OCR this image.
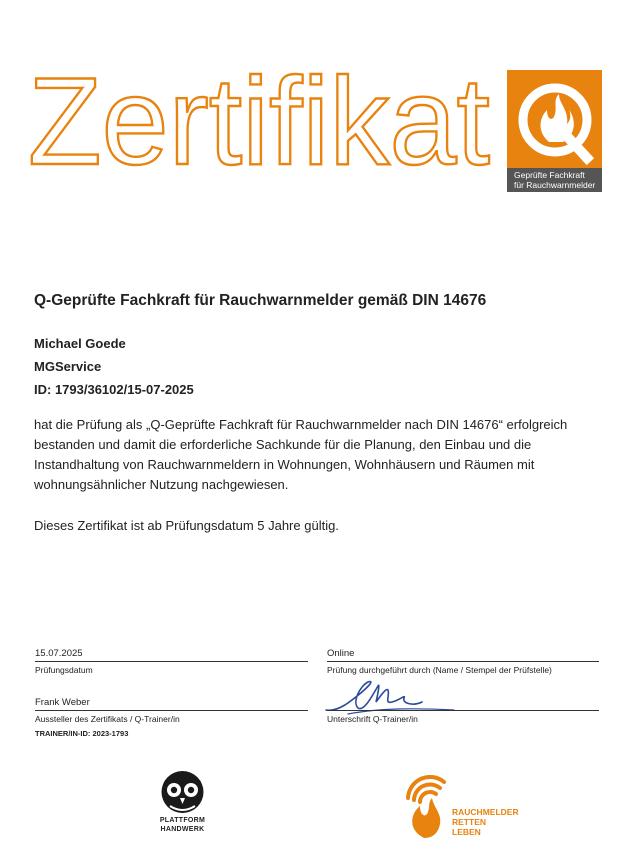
Zertifikat	Geprüfte Fachkraft
für Rauchwarnmelder
Q-Geprüfte Fachkraft für Rauchwarnmelder gemäß DIN 14676
Michael Goede
MGService
ID: 1793/36102/15-07-2025
hat die Prüfung als „Q-Geprüfte Fachkraft für Rauchwarnmelder nach DIN 14676“ erfolgreich bestanden und damit die erforderliche Sachkunde für die Planung, den Einbau und die Instandhaltung von Rauchwarnmeldern in Wohnungen, Wohnhäusern und Räumen mit wohnungsähnlicher Nutzung nachgewiesen.
Dieses Zertifikat ist ab Prüfungsdatum 5 Jahre gültig.
15.07.2025
Prüfungsdatum
Online
Prüfung durchgeführt durch (Name / Stempel der Prüfstelle)
Frank Weber
Aussteller des Zertifikats / Q-Trainer/in
TRAINER/IN-ID: 2023-1793
Unterschrift Q-Trainer/in
PLATTFORM
HANDWERK
RAUCHMELDER
RETTEN
LEBEN
